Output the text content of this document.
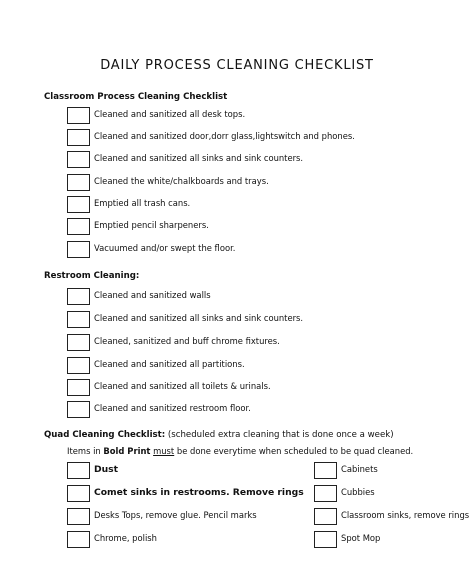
DAILY PROCESS CLEANING CHECKLIST
Classroom Process Cleaning Checklist
Cleaned and sanitized all desk tops.
Cleaned and sanitized door,dorr glass,lightswitch and phones.
Cleaned and sanitized all sinks and sink counters.
Cleaned the white/chalkboards and trays.
Emptied all trash cans.
Emptied pencil sharpeners.
Vacuumed and/or swept the floor.
Restroom Cleaning:
Cleaned and sanitized walls
Cleaned and sanitized all sinks and sink counters.
Cleaned, sanitized and buff chrome fixtures.
Cleaned and sanitized all partitions.
Cleaned and sanitized all toilets & urinals.
Cleaned and sanitized restroom floor.
Quad Cleaning Checklist: (scheduled extra cleaning that is done once a week)
Items in Bold Print must be done everytime when scheduled to be quad cleaned.
Dust
Comet sinks in restrooms. Remove rings
Desks Tops, remove glue. Pencil marks
Chrome, polish
Cabinets
Cubbies
Classroom sinks, remove rings
Spot Mop
